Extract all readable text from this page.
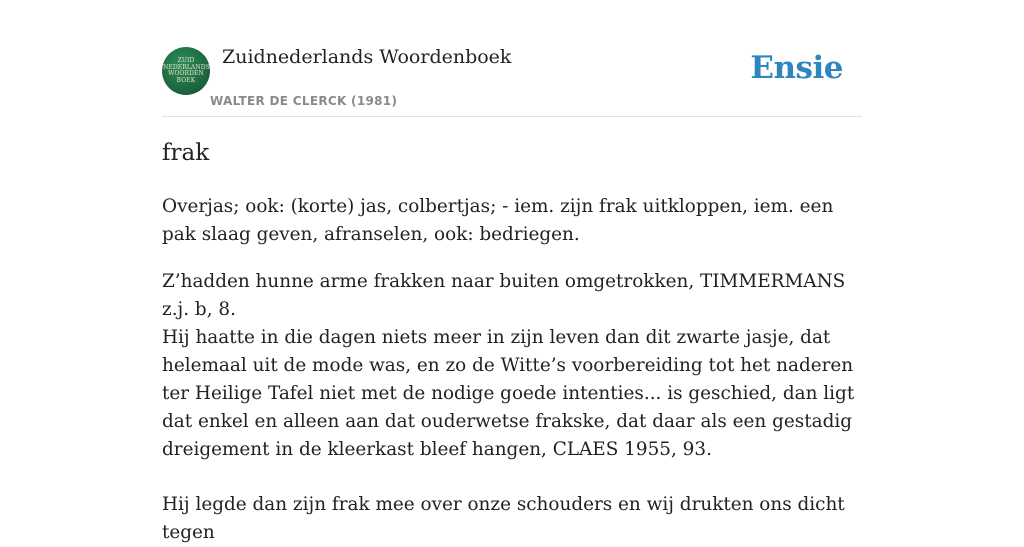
ZUID
NEDERLANDS
WOORDEN
BOEK
Zuidnederlands Woordenboek
WALTER DE CLERCK (1981)
Ensie
frak

Overjas; ook: (korte) jas, colbertjas; - iem. zijn frak uitkloppen, iem. een pak slaag geven, afranselen, ook: bedriegen.

Z’hadden hunne arme frakken naar buiten omgetrokken, TIMMERMANS z.j. b, 8.

Hij haatte in die dagen niets meer in zijn leven dan dit zwarte jasje, dat helemaal uit de mode was, en zo de Witte’s voorbereiding tot het naderen ter Heilige Tafel niet met de nodige goede intenties... is geschied, dan ligt dat enkel en alleen aan dat ouderwetse frakske, dat daar als een gestadig dreigement in de kleerkast bleef hangen, CLAES 1955, 93.

Hij legde dan zijn frak mee over onze schouders en wij drukten ons dicht tegen
